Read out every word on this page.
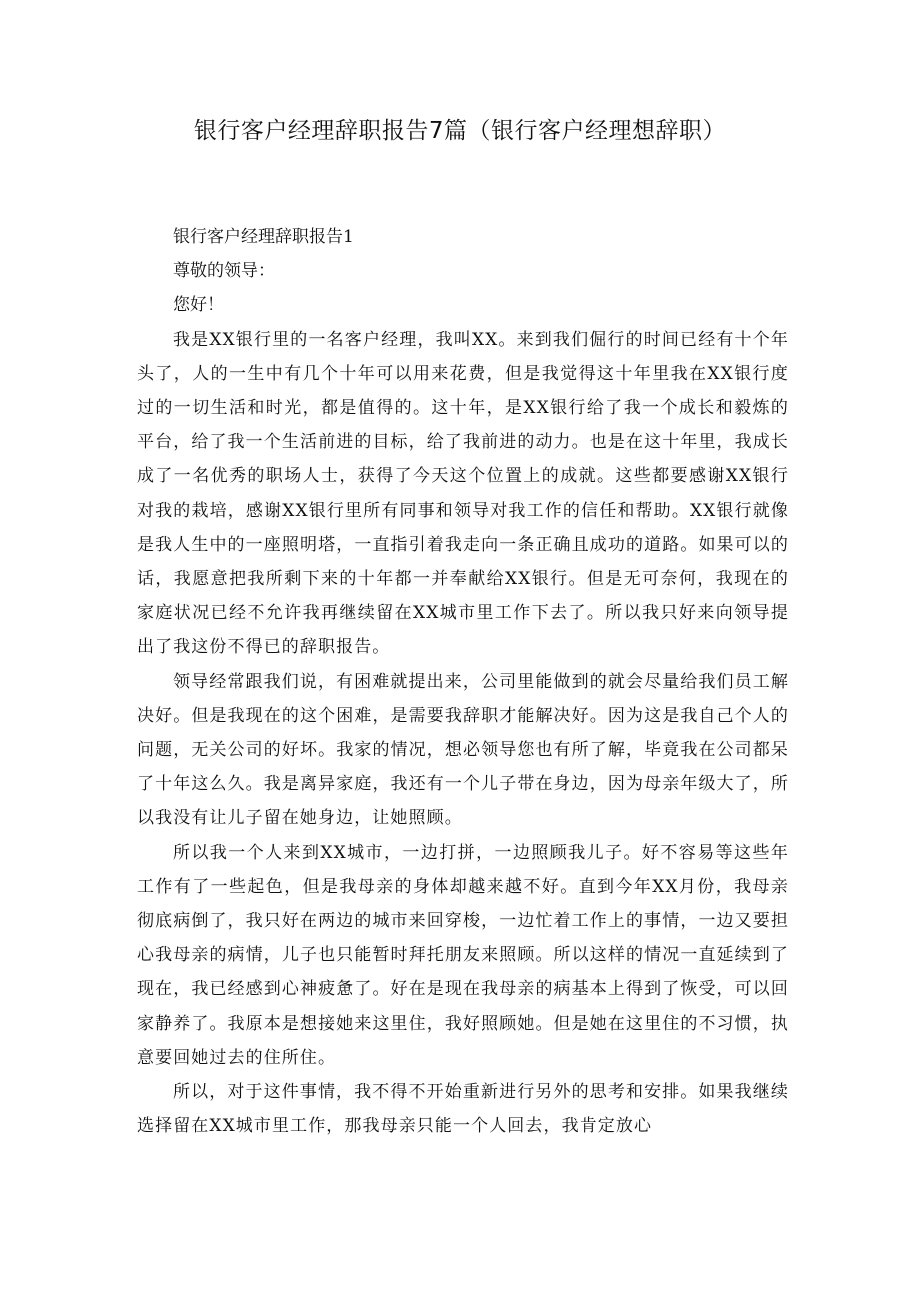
银行客户经理辞职报告7篇（银行客户经理想辞职）

银行客户经理辞职报告1

尊敬的领导：

您好！

我是XX银行里的一名客户经理，我叫XX。来到我们倔行的时间已经有十个年头了，人的一生中有几个十年可以用来花费，但是我觉得这十年里我在XX银行度过的一切生活和时光，都是值得的。这十年，是XX银行给了我一个成长和毅炼的平台，给了我一个生活前进的目标，给了我前进的动力。也是在这十年里，我成长成了一名优秀的职场人士，获得了今天这个位置上的成就。这些都要感谢XX银行对我的栽培，感谢XX银行里所有同事和领导对我工作的信任和帮助。XX银行就像是我人生中的一座照明塔，一直指引着我走向一条正确且成功的道路。如果可以的话，我愿意把我所剩下来的十年都一并奉献给XX银行。但是无可奈何，我现在的家庭状况已经不允许我再继续留在XX城市里工作下去了。所以我只好来向领导提出了我这份不得已的辞职报告。

领导经常跟我们说，有困难就提出来，公司里能做到的就会尽量给我们员工解决好。但是我现在的这个困难，是需要我辞职才能解决好。因为这是我自己个人的问题，无关公司的好坏。我家的情况，想必领导您也有所了解，毕竟我在公司都呆了十年这么久。我是离异家庭，我还有一个儿子带在身边，因为母亲年级大了，所以我没有让儿子留在她身边，让她照顾。

所以我一个人来到XX城市，一边打拼，一边照顾我儿子。好不容易等这些年工作有了一些起色，但是我母亲的身体却越来越不好。直到今年XX月份，我母亲彻底病倒了，我只好在两边的城市来回穿梭，一边忙着工作上的事情，一边又要担心我母亲的病情，儿子也只能暂时拜托朋友来照顾。所以这样的情况一直延续到了现在，我已经感到心神疲惫了。好在是现在我母亲的病基本上得到了恢受，可以回家静养了。我原本是想接她来这里住，我好照顾她。但是她在这里住的不习惯，执意要回她过去的住所住。

所以，对于这件事情，我不得不开始重新进行另外的思考和安排。如果我继续选择留在XX城市里工作，那我母亲只能一个人回去，我肯定放心
